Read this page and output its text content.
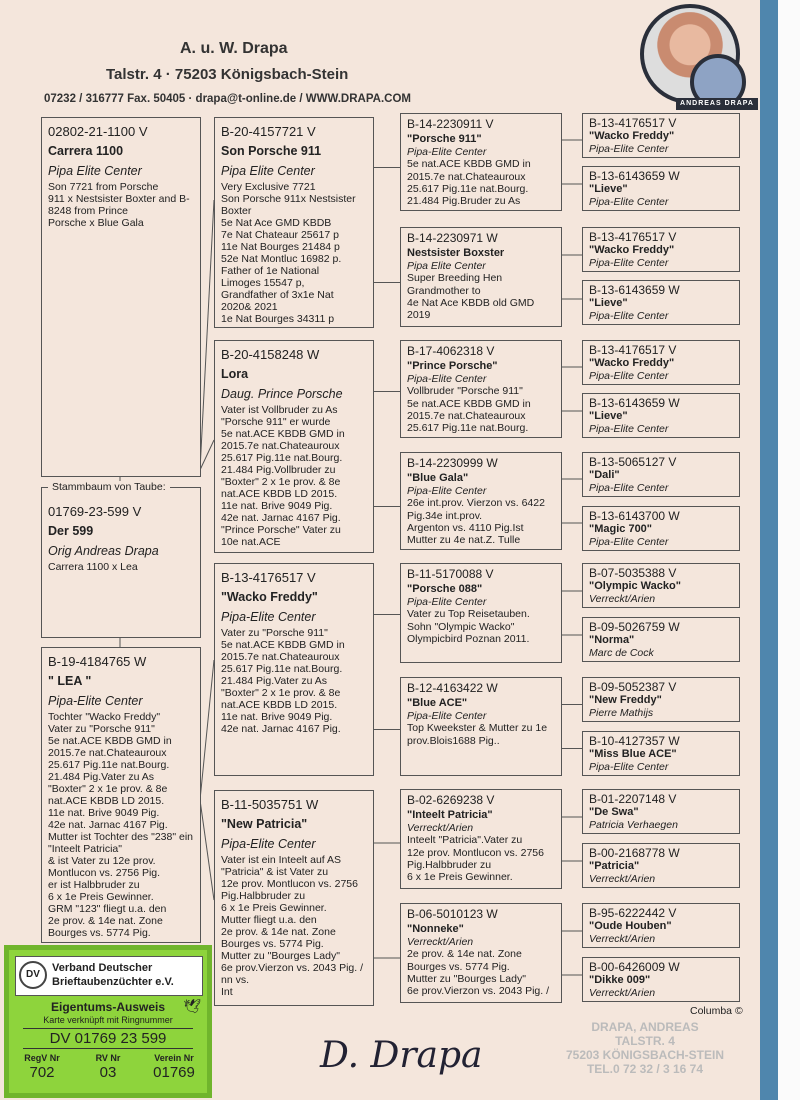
A. u. W. Drapa
Talstr. 4 · 75203 Königsbach-Stein
07232 / 316777 Fax. 50405 · drapa@t-online.de / WWW.DRAPA.COM
02802-21-1100 V
Carrera 1100
Pipa Elite Center
Son 7721 from Porsche
911 x Nestsister Boxter and B-
8248 from Prince
Porsche x Blue Gala
01769-23-599 V
Der 599
Orig Andreas Drapa
Carrera 1100 x Lea
B-19-4184765 W
" LEA "
Pipa-Elite Center
Tochter "Wacko Freddy"
Vater zu "Porsche 911"
5e nat.ACE KBDB GMD in
2015.7e nat.Chateauroux
25.617 Pig.11e nat.Bourg.
21.484 Pig.Vater zu As
"Boxter" 2 x 1e prov. & 8e
nat.ACE KBDB LD 2015.
11e nat. Brive 9049 Pig.
42e nat. Jarnac 4167 Pig.
Mutter ist Tochter des "238" ein
"Inteelt Patricia"
& ist Vater zu 12e prov.
Montlucon vs. 2756 Pig.
er ist Halbbruder zu
6 x 1e Preis Gewinner.
GRM "123" fliegt u.a. den
2e prov. & 14e nat. Zone
Bourges vs. 5774 Pig.
B-20-4157721 V
Son Porsche 911
Pipa Elite Center
Very Exclusive 7721
Son Porsche 911x Nestsister
Boxter
5e Nat Ace GMD KBDB
7e Nat Chateaur 25617 p
11e Nat Bourges 21484 p
52e Nat Montluc 16982 p.
Father of 1e National
Limoges 15547 p,
Grandfather of 3x1e Nat
2020& 2021
1e Nat Bourges 34311 p
B-20-4158248 W
Lora
Daug. Prince Porsche
Vater ist Vollbruder zu As
"Porsche 911" er wurde
5e nat.ACE KBDB GMD in
2015.7e nat.Chateauroux
25.617 Pig.11e nat.Bourg.
21.484 Pig.Vollbruder zu
"Boxter" 2 x 1e prov. & 8e
nat.ACE KBDB LD 2015.
11e nat. Brive 9049 Pig.
42e nat. Jarnac 4167 Pig.
"Prince Porsche" Vater zu
10e nat.ACE
B-13-4176517 V
"Wacko Freddy"
Pipa-Elite Center
Vater zu "Porsche 911"
5e nat.ACE KBDB GMD in
2015.7e nat.Chateauroux
25.617 Pig.11e nat.Bourg.
21.484 Pig.Vater zu As
"Boxter" 2 x 1e prov. & 8e
nat.ACE KBDB LD 2015.
11e nat. Brive 9049 Pig.
42e nat. Jarnac 4167 Pig.
B-11-5035751 W
"New Patricia"
Pipa-Elite Center
Vater ist ein Inteelt auf AS
"Patricia" & ist Vater zu
12e prov. Montlucon vs. 2756
Pig.Halbbruder zu
6 x 1e Preis Gewinner.
Mutter fliegt u.a. den
2e prov. & 14e nat. Zone
Bourges vs. 5774 Pig.
Mutter zu "Bourges Lady"
6e prov.Vierzon vs. 2043 Pig. /
nn vs.
Int
B-14-2230911 V
"Porsche 911"
Pipa-Elite Center
5e nat.ACE KBDB GMD in
2015.7e nat.Chateauroux
25.617 Pig.11e nat.Bourg.
21.484 Pig.Bruder zu As
B-14-2230971 W
Nestsister Boxster
Pipa Elite Center
Super Breeding Hen
Grandmother to
4e Nat Ace KBDB old GMD
2019
B-17-4062318 V
"Prince Porsche"
Pipa-Elite Center
Vollbruder "Porsche 911"
5e nat.ACE KBDB GMD in
2015.7e nat.Chateauroux
25.617 Pig.11e nat.Bourg.
B-14-2230999 W
"Blue Gala"
Pipa-Elite Center
26e int.prov. Vierzon vs. 6422
Pig.34e int.prov.
Argenton vs. 4110 Pig.Ist
Mutter zu 4e nat.Z. Tulle
B-11-5170088 V
"Porsche 088"
Pipa-Elite Center
Vater zu Top Reisetauben.
Sohn "Olympic Wacko"
Olympicbird Poznan 2011.
B-12-4163422 W
"Blue ACE"
Pipa-Elite Center
Top Kweekster & Mutter zu 1e
prov.Blois1688 Pig..
B-02-6269238 V
"Inteelt Patricia"
Verreckt/Arien
Inteelt "Patricia".Vater zu
12e prov. Montlucon vs. 2756
Pig.Halbbruder zu
6 x 1e Preis Gewinner.
B-06-5010123 W
"Nonneke"
Verreckt/Arien
2e prov. & 14e nat. Zone
Bourges vs. 5774 Pig.
Mutter zu "Bourges Lady"
6e prov.Vierzon vs. 2043 Pig. /
B-13-4176517 V
"Wacko Freddy"
Pipa-Elite Center
B-13-6143659 W
"Lieve"
Pipa-Elite Center
B-13-4176517 V
"Wacko Freddy"
Pipa-Elite Center
B-13-6143659 W
"Lieve"
Pipa-Elite Center
B-13-4176517 V
"Wacko Freddy"
Pipa-Elite Center
B-13-6143659 W
"Lieve"
Pipa-Elite Center
B-13-5065127 V
"Dali"
Pipa-Elite Center
B-13-6143700 W
"Magic 700"
Pipa-Elite Center
B-07-5035388 V
"Olympic Wacko"
Verreckt/Arien
B-09-5026759 W
"Norma"
Marc de Cock
B-09-5052387 V
"New Freddy"
Pierre Mathijs
B-10-4127357 W
"Miss Blue ACE"
Pipa-Elite Center
B-01-2207148 V
"De Swa"
Patricia Verhaegen
B-00-2168778 W
"Patricia"
Verreckt/Arien
B-95-6222442 V
"Oude Houben"
Verreckt/Arien
B-00-6426009 W
"Dikke 009"
Verreckt/Arien
Stammbaum von Taube:
ANDREAS DRAPA
Columba ©
DRAPA, ANDREAS
TALSTR. 4
75203 KÖNIGSBACH-STEIN
TEL.0 72 32 / 3 16 74
D. Drapa
DV
Verband Deutscher
Brieftaubenzüchter e.V.
🕊
Eigentums-Ausweis
Karte verknüpft mit Ringnummer
DV 01769 23 599
RegV Nr
702
RV Nr
03
Verein Nr
01769
